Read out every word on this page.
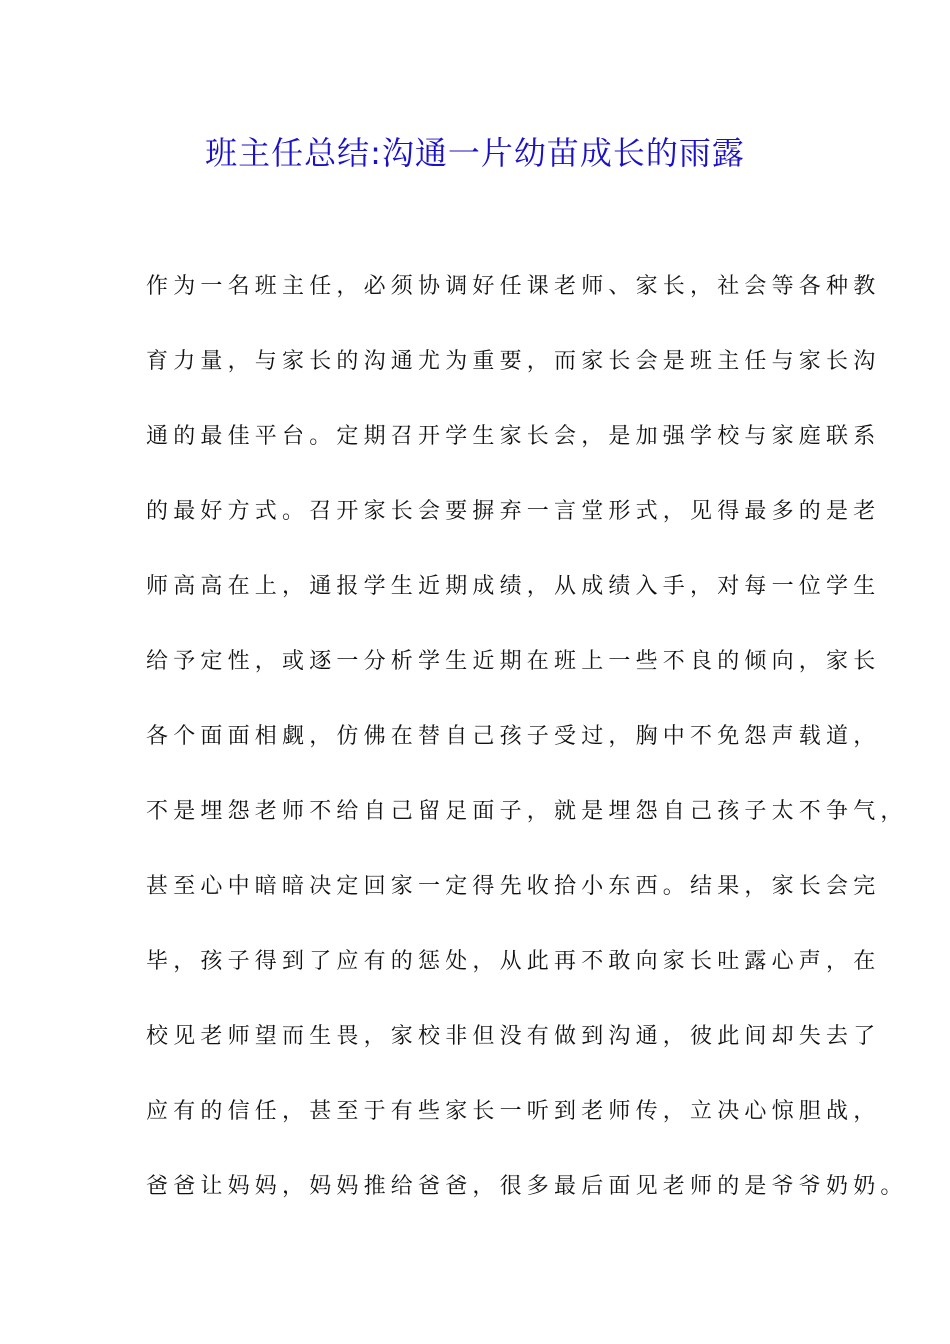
班主任总结:沟通一片幼苗成长的雨露
作为一名班主任，必须协调好任课老师、家长，社会等各种教
育力量，与家长的沟通尤为重要，而家长会是班主任与家长沟
通的最佳平台。定期召开学生家长会，是加强学校与家庭联系
的最好方式。召开家长会要摒弃一言堂形式，见得最多的是老
师高高在上，通报学生近期成绩，从成绩入手，对每一位学生
给予定性，或逐一分析学生近期在班上一些不良的倾向，家长
各个面面相觑，仿佛在替自己孩子受过，胸中不免怨声载道，
不是埋怨老师不给自己留足面子，就是埋怨自己孩子太不争气，
甚至心中暗暗决定回家一定得先收拾小东西。结果，家长会完
毕，孩子得到了应有的惩处，从此再不敢向家长吐露心声，在
校见老师望而生畏，家校非但没有做到沟通，彼此间却失去了
应有的信任，甚至于有些家长一听到老师传，立决心惊胆战，
爸爸让妈妈，妈妈推给爸爸，很多最后面见老师的是爷爷奶奶。
